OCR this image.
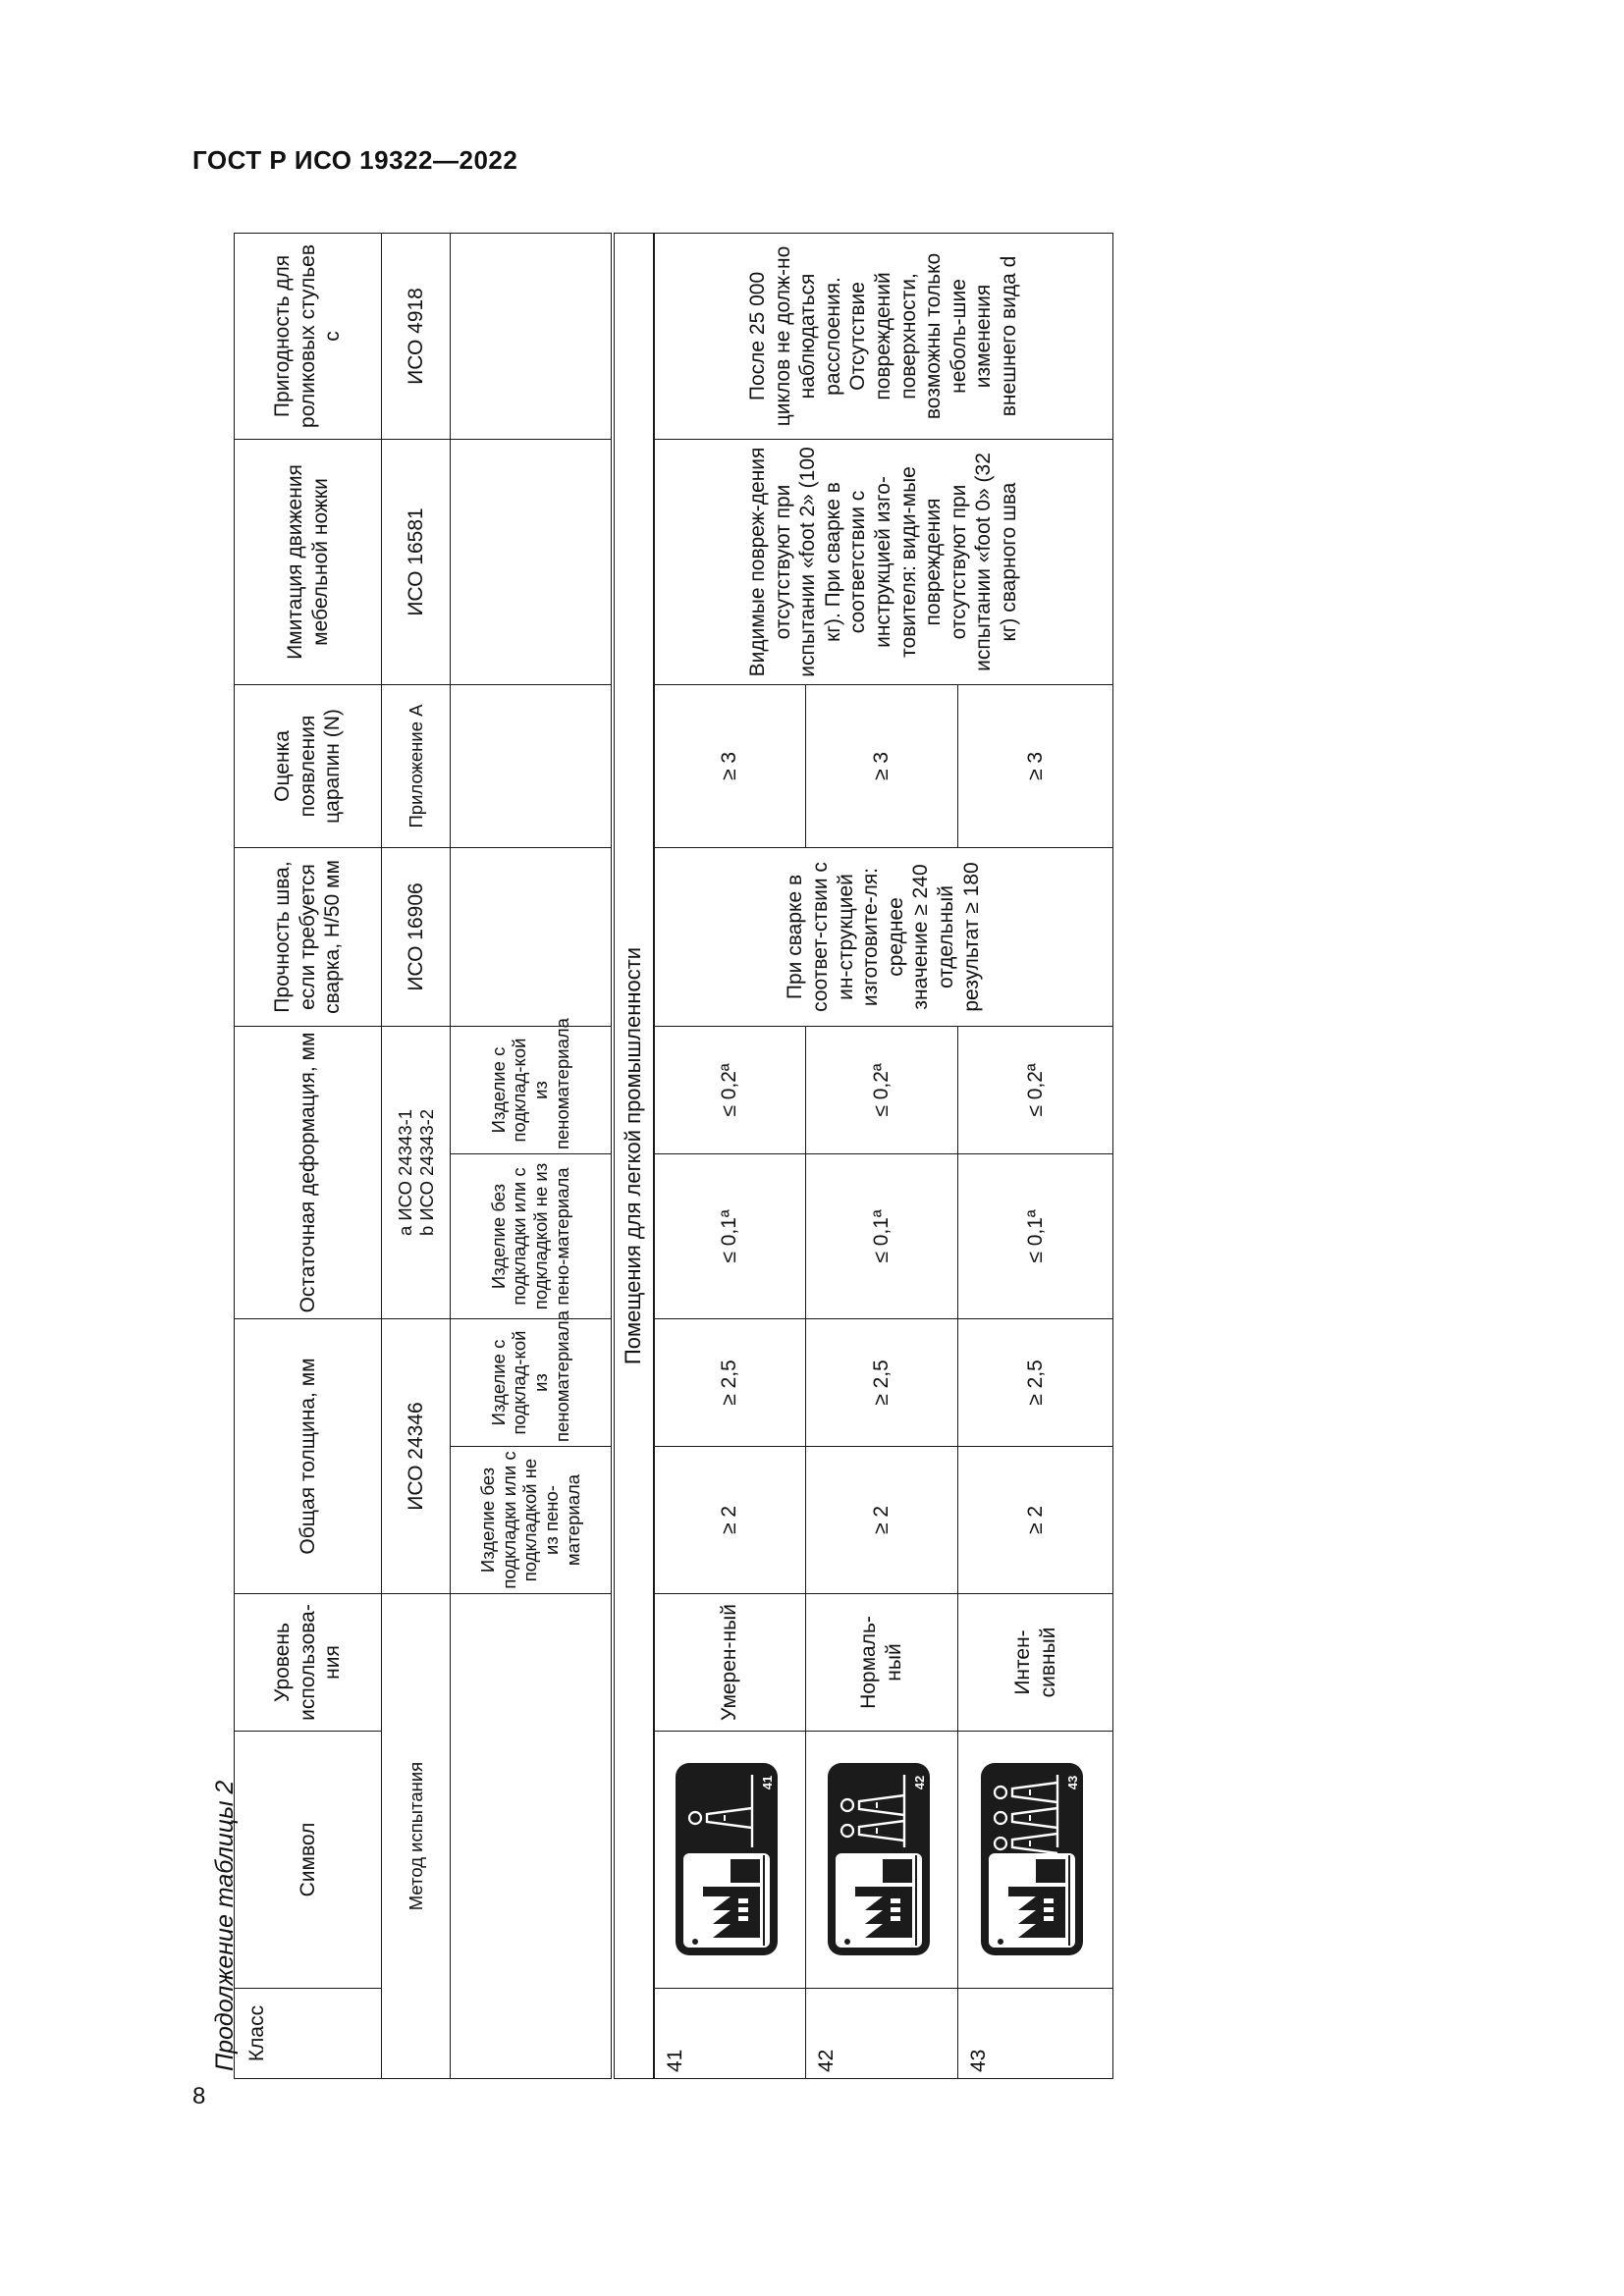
ГОСТ Р ИСО 19322—2022
Продолжение таблицы 2
8
Класс	Символ	Уровень использова-ния	Общая толщина, мм		Остаточная деформация, мм		Прочность шва, если требуется сварка, Н/50 мм	Оценка появления царапин (N)	Имитация движения мебельной ножки	Пригодность для роликовых стульев c
Метод испытания			ИСО 24346		a ИСО 24343-1 b ИСО 24343-2		ИСО 16906	Приложение А	ИСО 16581	ИСО 4918
			Изделие без подкладки или с подкладкой не из пено-материала	Изделие с подклад-кой из пеноматериала	Изделие без подкладки или с подкладкой не из пено-материала	Изделие с подклад-кой из пеноматериала				
Помещения для легкой промышленности										
41	41	Умерен-ный	≥ 2	≥ 2,5	≤ 0,1ª	≤ 0,2ª	При сварке в соответ-ствии с ин-струкцией изготовите-ля: среднее значение ≥ 240 отдельный результат ≥ 180	≥ 3	Видимые повреж-дения отсутствуют при испытании «foot 2» (100 кг). При сварке в соответствии с инструкцией изго-товителя: види-мые повреждения отсутствуют при испытании «foot 0» (32 кг) сварного шва	После 25 000 циклов не долж-но наблюдаться расслоения. Отсутствие повреждений поверхности, возможны только неболь-шие изменения внешнего вида d
42	42	Нормаль-ный	≥ 2	≥ 2,5	≤ 0,1ª	≤ 0,2ª		≥ 3		
43	43	Интен-сивный	≥ 2	≥ 2,5	≤ 0,1ª	≤ 0,2ª		≥ 3		
